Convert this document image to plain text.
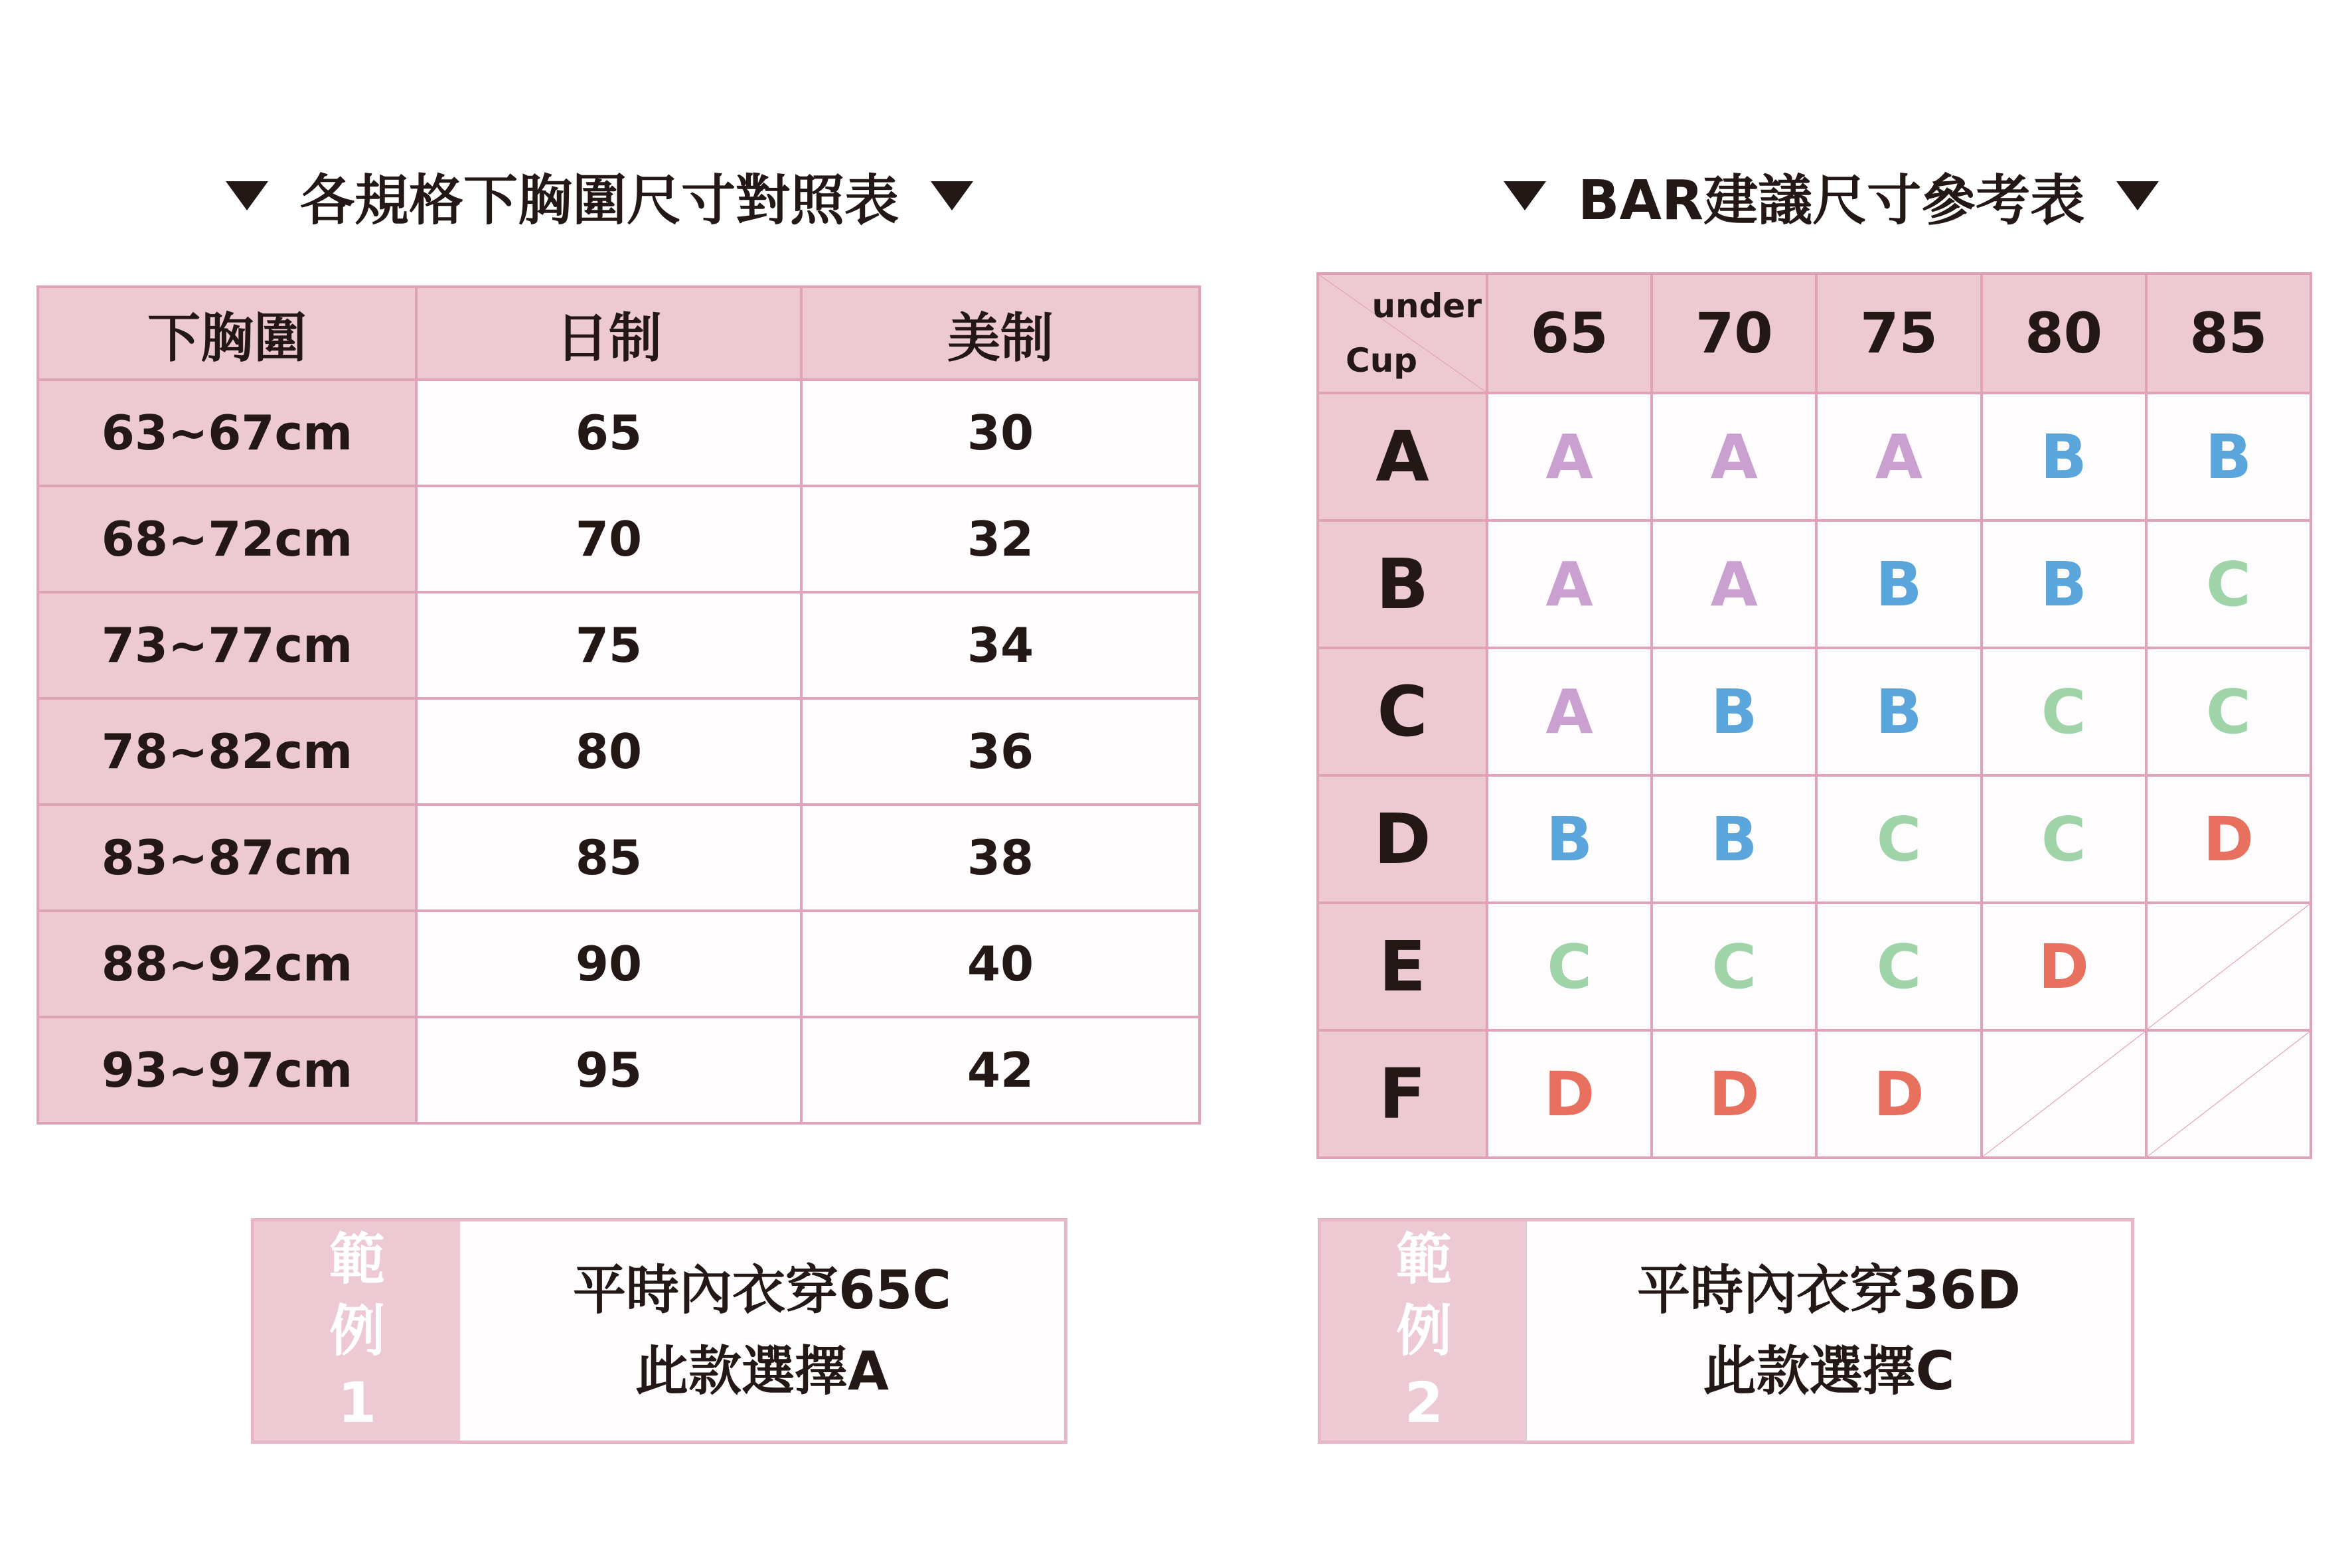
各規格下胸圍尺寸對照表	BAR建議尺寸參考表
下胸圍	日制	美制
63~67cm	65	30
68~72cm	70	32
73~77cm	75	34
78~82cm	80	36
83~87cm	85	38
88~92cm	90	40
93~97cm	95	42
under
Cup	65	70	75	80	85
A	A	A	A	B	B
B	A	A	B	B	C
C	A	B	B	C	C
D	B	B	C	C	D
E	C	C	C	D	

F	D	D	D	

範
例
1
平時內衣穿65C
此款選擇A
範
例
2
平時內衣穿36D
此款選擇C
